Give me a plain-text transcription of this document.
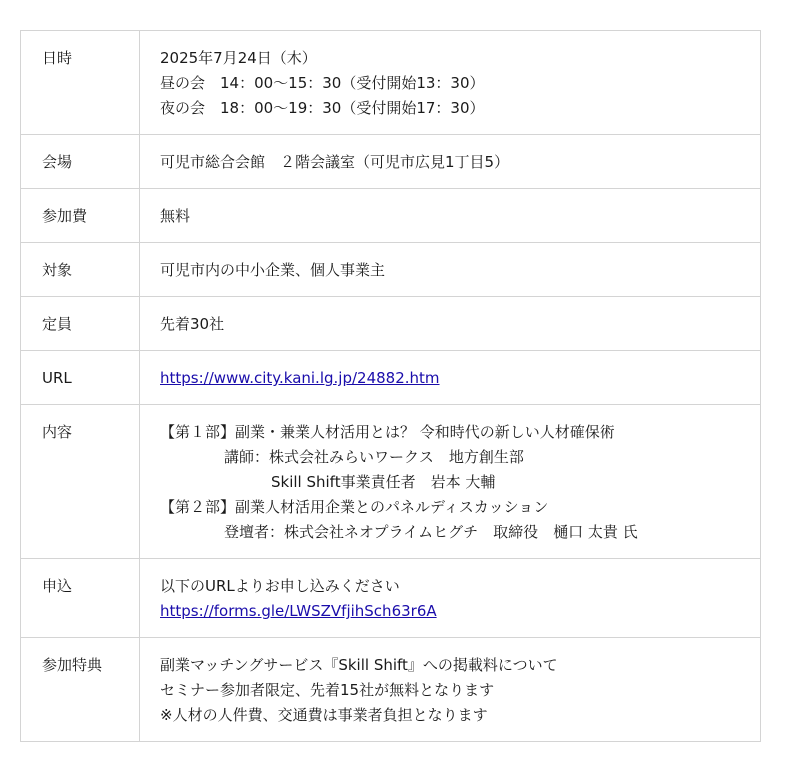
日時	2025年7月24日（木）
昼の会　14：00〜15：30（受付開始13：30）
夜の会　18：00〜19：30（受付開始17：30）

会場	可児市総合会館　２階会議室（可児市広見1丁目5）

参加費	無料

対象	可児市内の中小企業、個人事業主

定員	先着30社

URL	https://www.city.kani.lg.jp/24882.htm

内容	【第１部】副業・兼業人材活用とは？ 令和時代の新しい人材確保術
講師：株式会社みらいワークス　地方創生部
Skill Shift事業責任者　岩本 大輔
【第２部】副業人材活用企業とのパネルディスカッション
登壇者：株式会社ネオプライムヒグチ　取締役　樋口 太貴 氏

申込	以下のURLよりお申し込みください
https://forms.gle/LWSZVfjihSch63r6A

参加特典	副業マッチングサービス『Skill Shift』への掲載料について
セミナー参加者限定、先着15社が無料となります
※人材の人件費、交通費は事業者負担となります
